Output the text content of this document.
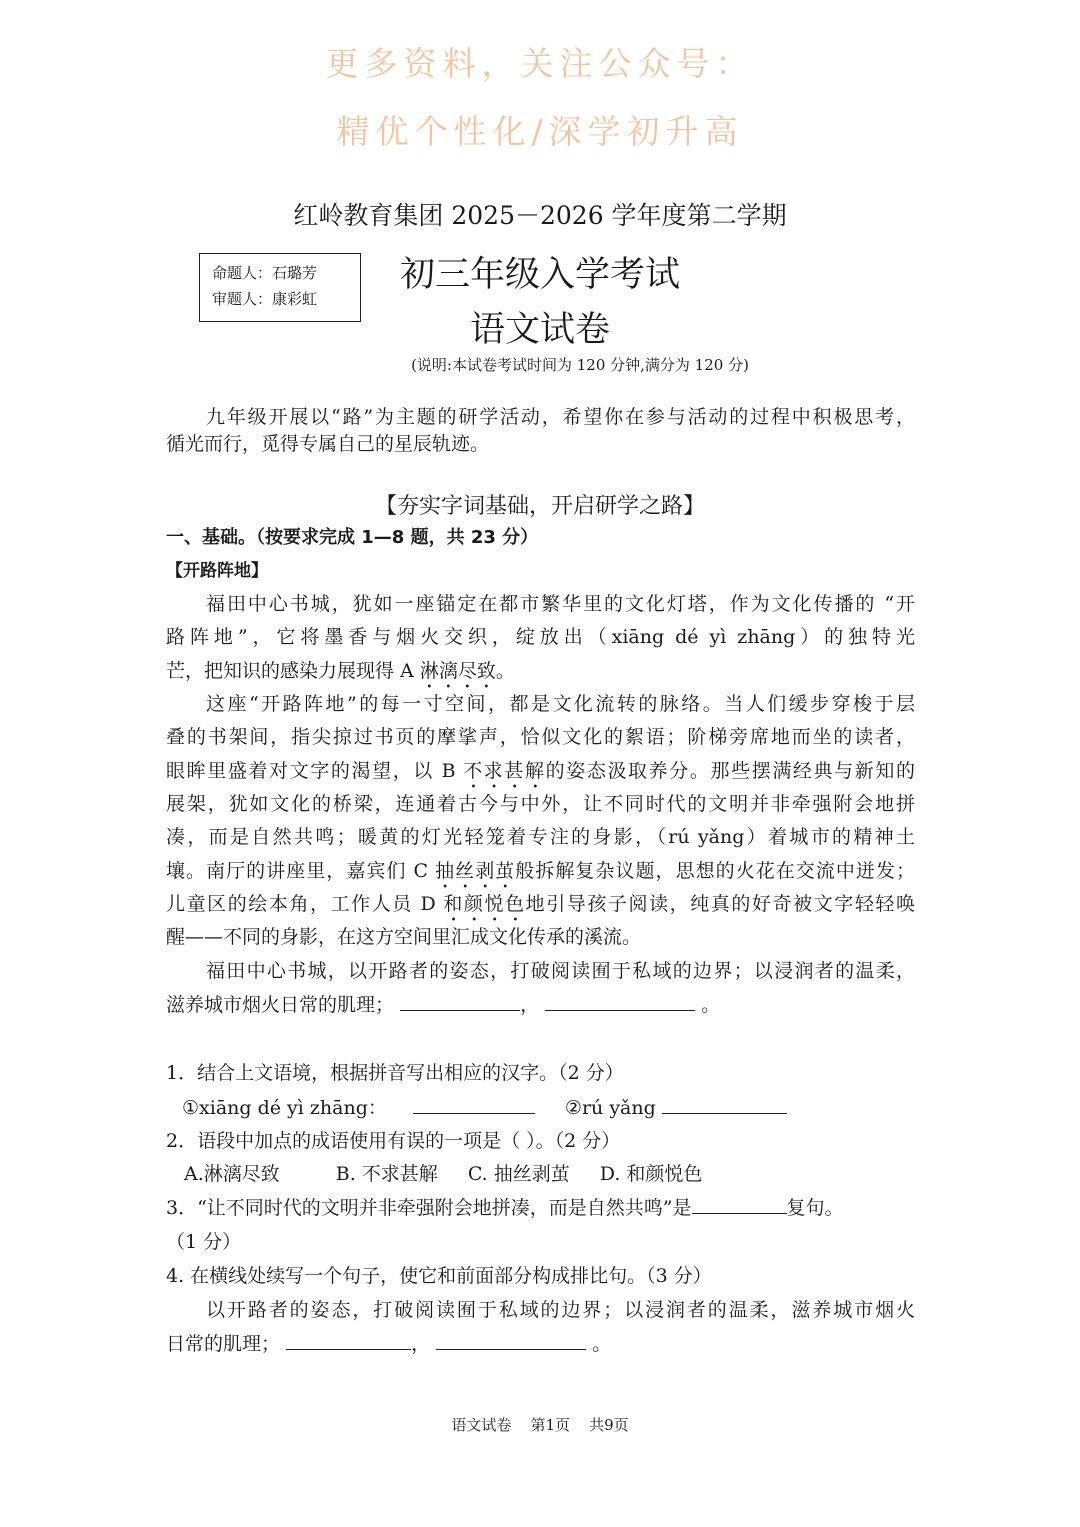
更多资料，关注公众号：
精优个性化/深学初升高
红岭教育集团 2025－2026 学年度第二学期
命题人：石璐芳
审题人：康彩虹
初三年级入学考试
语文试卷
(说明:本试卷考试时间为 120 分钟,满分为 120 分)
九年级开展以“路”为主题的研学活动，希望你在参与活动的过程中积极思考，
循光而行，觅得专属自己的星辰轨迹。
【夯实字词基础，开启研学之路】
一、基础。（按要求完成 1—8 题，共 23 分）
【开路阵地】
福田中心书城，犹如一座锚定在都市繁华里的文化灯塔，作为文化传播的 “开
路阵地”，它将墨香与烟火交织，绽放出（xiāng dé yì zhāng）的独特光
芒，把知识的感染力展现得 A 淋漓尽致。
这座“开路阵地”的每一寸空间，都是文化流转的脉络。当人们缓步穿梭于层
叠的书架间，指尖掠过书页的摩挲声，恰似文化的絮语；阶梯旁席地而坐的读者，
眼眸里盛着对文字的渴望，以 B 不求甚解的姿态汲取养分。那些摆满经典与新知的
展架，犹如文化的桥梁，连通着古今与中外，让不同时代的文明并非牵强附会地拼
凑，而是自然共鸣；暖黄的灯光轻笼着专注的身影，（rú yǎng）着城市的精神土
壤。南厅的讲座里，嘉宾们 C 抽丝剥茧般拆解复杂议题，思想的火花在交流中迸发；
儿童区的绘本角，工作人员 D 和颜悦色地引导孩子阅读，纯真的好奇被文字轻轻唤
醒——不同的身影，在这方空间里汇成文化传承的溪流。
福田中心书城，以开路者的姿态，打破阅读囿于私域的边界；以浸润者的温柔，
滋养城市烟火日常的肌理；	，	。
1．结合上文语境，根据拼音写出相应的汉字。（2 分）
①xiāng dé yì zhāng：	②rú yǎng
2．语段中加点的成语使用有误的一项是（ ）。（2 分）
A.淋漓尽致	B. 不求甚解 C. 抽丝剥茧 D. 和颜悦色
3．“让不同时代的文明并非牵强附会地拼凑，而是自然共鸣”是	复句。
（1 分）
4. 在横线处续写一个句子，使它和前面部分构成排比句。（3 分）
以开路者的姿态，打破阅读囿于私域的边界；以浸润者的温柔，滋养城市烟火
日常的肌理；	，	。
语文试卷    第1页    共9页
